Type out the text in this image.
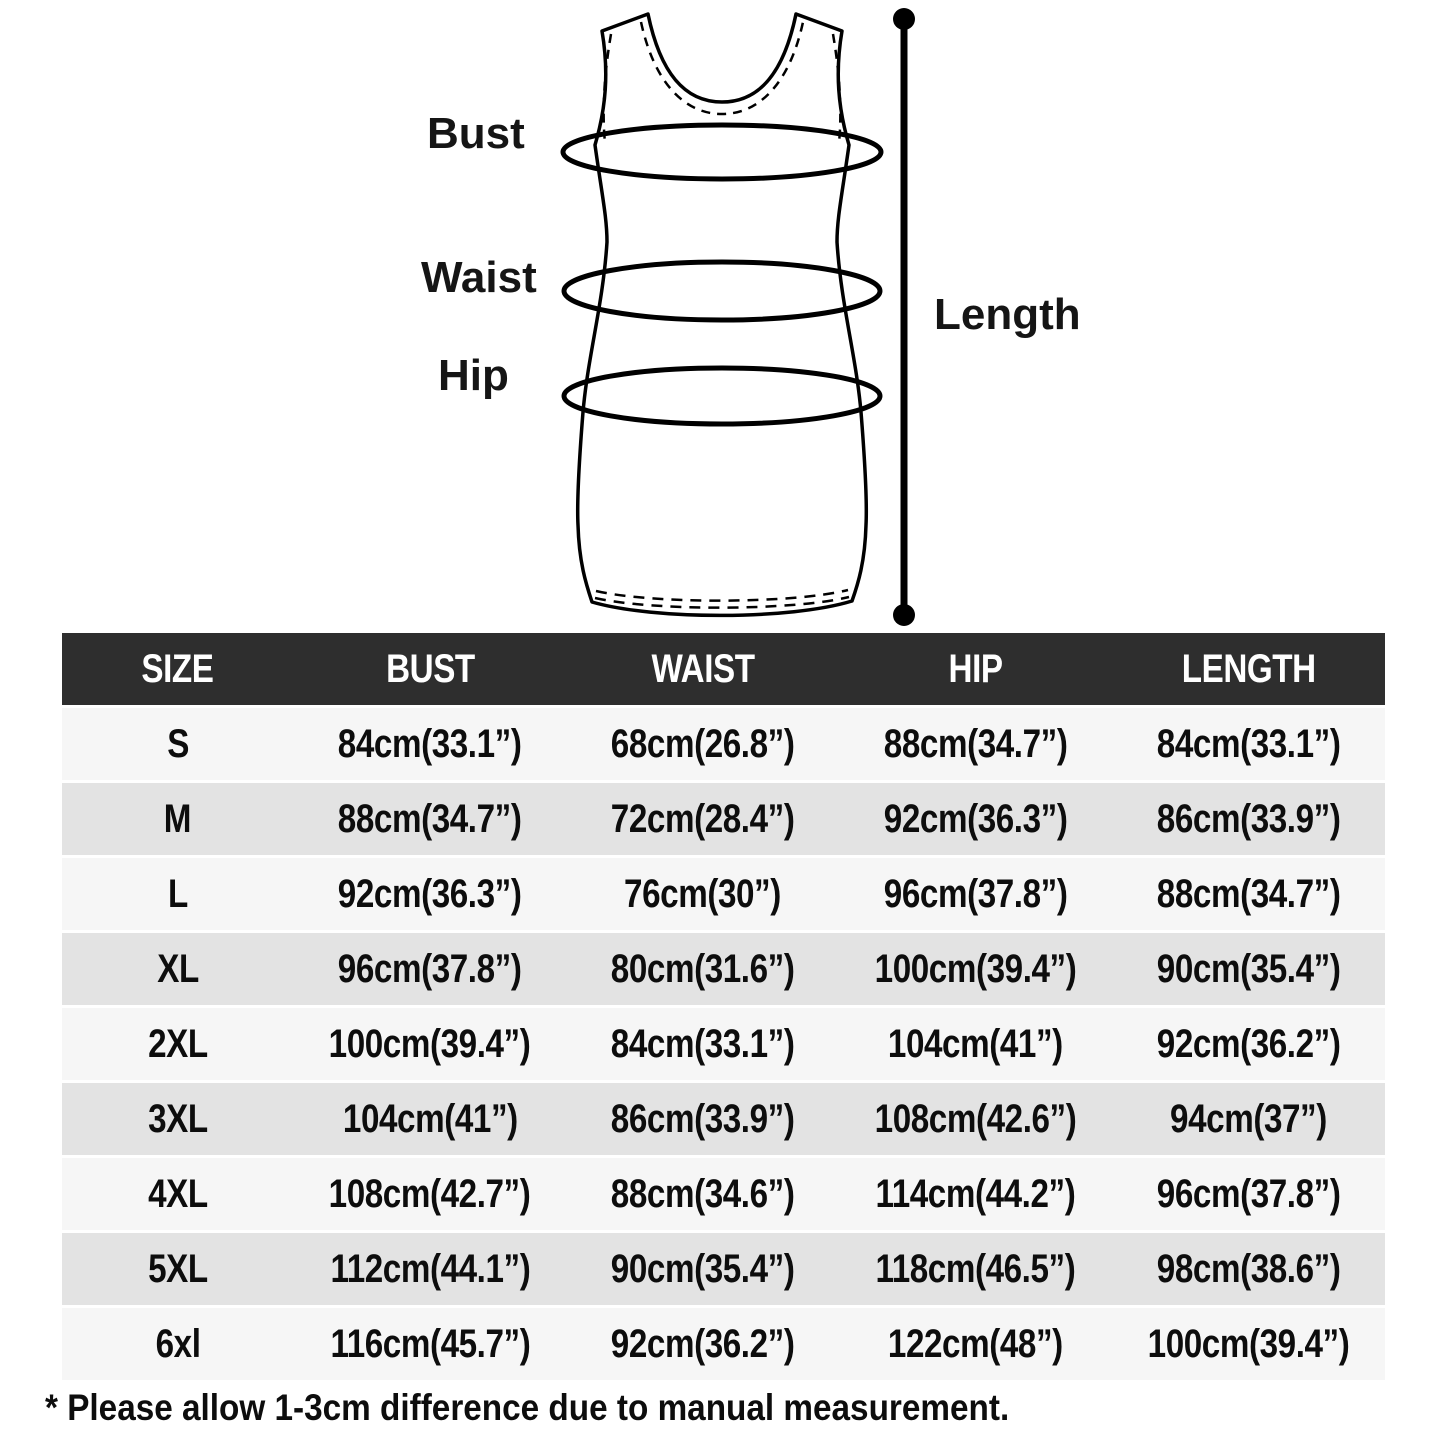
Bust
Waist
Hip
Length
SIZE	BUST	WAIST	HIP	LENGTH
S	84cm(33.1”)	68cm(26.8”)	88cm(34.7”)	84cm(33.1”)
M	88cm(34.7”)	72cm(28.4”)	92cm(36.3”)	86cm(33.9”)
L	92cm(36.3”)	76cm(30”)	96cm(37.8”)	88cm(34.7”)
XL	96cm(37.8”)	80cm(31.6”)	100cm(39.4”)	90cm(35.4”)
2XL	100cm(39.4”)	84cm(33.1”)	104cm(41”)	92cm(36.2”)
3XL	104cm(41”)	86cm(33.9”)	108cm(42.6”)	94cm(37”)
4XL	108cm(42.7”)	88cm(34.6”)	114cm(44.2”)	96cm(37.8”)
5XL	112cm(44.1”)	90cm(35.4”)	118cm(46.5”)	98cm(38.6”)
6xl	116cm(45.7”)	92cm(36.2”)	122cm(48”)	100cm(39.4”)
* Please allow 1-3cm difference due to manual measurement.
